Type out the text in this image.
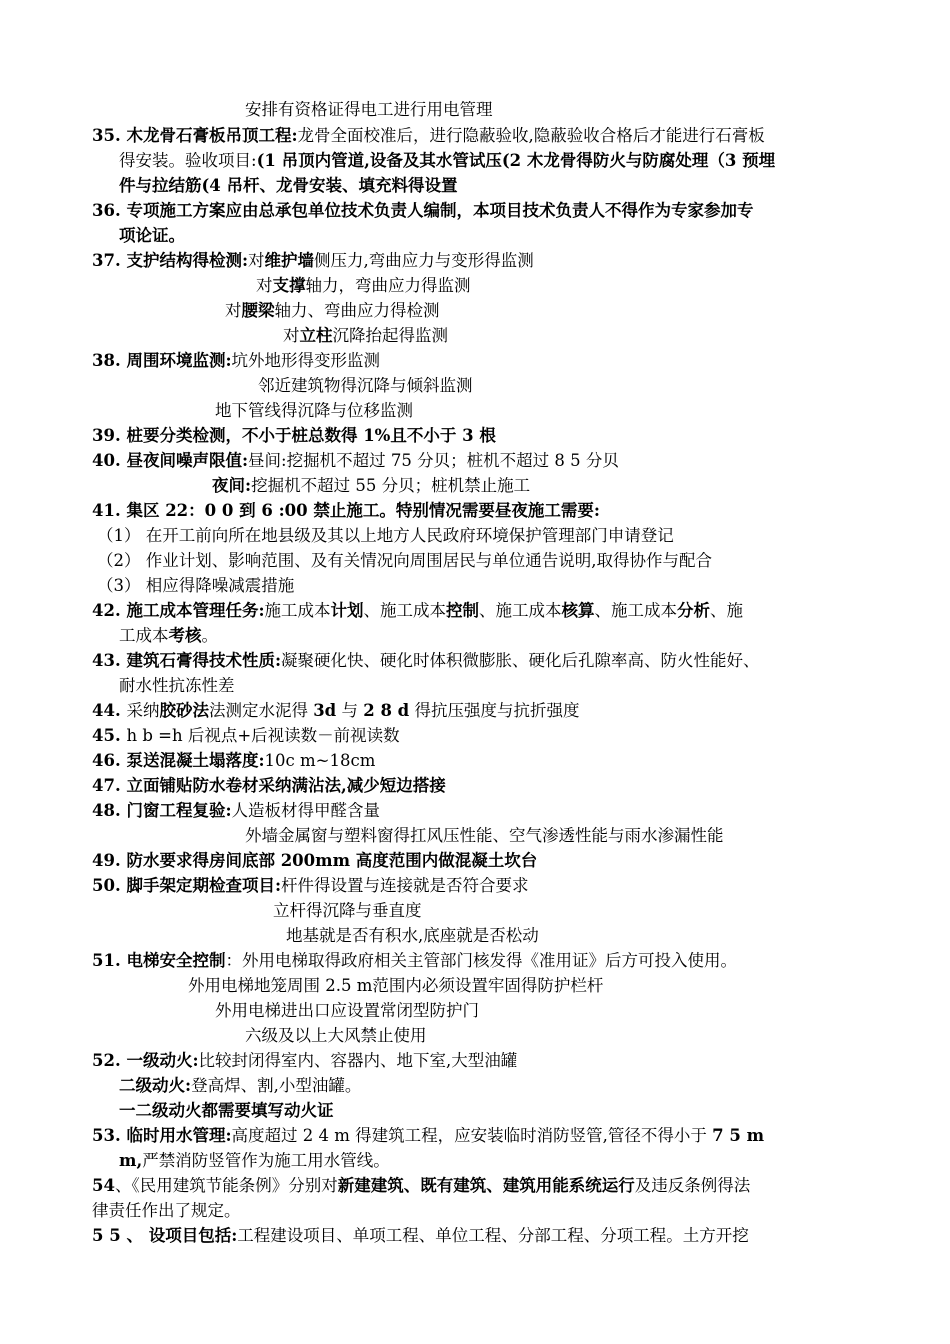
安排有资格证得电工进行用电管理
35. 木龙骨石膏板吊顶工程:龙骨全面校准后，进行隐蔽验收,隐蔽验收合格后才能进行石膏板
得安装。验收项目:(1 吊顶内管道,设备及其水管试压(2 木龙骨得防火与防腐处理（3 预埋
件与拉结筋(4 吊杆、龙骨安装、填充料得设置
36. 专项施工方案应由总承包单位技术负责人编制，本项目技术负责人不得作为专家参加专
项论证。
37. 支护结构得检测:对维护墙侧压力,弯曲应力与变形得监测
对支撑轴力，弯曲应力得监测
对腰梁轴力、弯曲应力得检测
对立柱沉降抬起得监测
38. 周围环境监测:坑外地形得变形监测
邻近建筑物得沉降与倾斜监测
地下管线得沉降与位移监测
39. 桩要分类检测，不小于桩总数得 1%且不小于 3 根
40. 昼夜间噪声限值:昼间:挖掘机不超过 75 分贝；桩机不超过 8 5 分贝
夜间:挖掘机不超过 55 分贝；桩机禁止施工
41. 集区 22：0 0 到 6 :00 禁止施工。特别情况需要昼夜施工需要:
（1） 在开工前向所在地县级及其以上地方人民政府环境保护管理部门申请登记
（2） 作业计划、影响范围、及有关情况向周围居民与单位通告说明,取得协作与配合
（3） 相应得降噪减震措施
42. 施工成本管理任务:施工成本计划、施工成本控制、施工成本核算、施工成本分析、施
工成本考核。
43. 建筑石膏得技术性质:凝聚硬化快、硬化时体积微膨胀、硬化后孔隙率高、防火性能好、
耐水性抗冻性差
44. 采纳胶砂法法测定水泥得 3d 与 2 8 d 得抗压强度与抗折强度
45. h b =h 后视点+后视读数－前视读数
46. 泵送混凝土塌落度:10c m~18cm
47. 立面铺贴防水卷材采纳满沾法,减少短边搭接
48. 门窗工程复验:人造板材得甲醛含量
外墙金属窗与塑料窗得扛风压性能、空气渗透性能与雨水渗漏性能
49. 防水要求得房间底部 200mm 高度范围内做混凝土坎台
50. 脚手架定期检查项目:杆件得设置与连接就是否符合要求
立杆得沉降与垂直度
地基就是否有积水,底座就是否松动
51. 电梯安全控制：外用电梯取得政府相关主管部门核发得《准用证》后方可投入使用。
外用电梯地笼周围 2.5 m范围内必须设置牢固得防护栏杆
外用电梯进出口应设置常闭型防护门
六级及以上大风禁止使用
52. 一级动火:比较封闭得室内、容器内、地下室,大型油罐
二级动火:登高焊、割,小型油罐。
一二级动火都需要填写动火证
53. 临时用水管理:高度超过 2 4 m 得建筑工程，应安装临时消防竖管,管径不得小于 7 5 m
m,严禁消防竖管作为施工用水管线。
54、《民用建筑节能条例》分别对新建建筑、既有建筑、建筑用能系统运行及违反条例得法
律责任作出了规定。
5 5 、 设项目包括:工程建设项目、单项工程、单位工程、分部工程、分项工程。土方开挖
